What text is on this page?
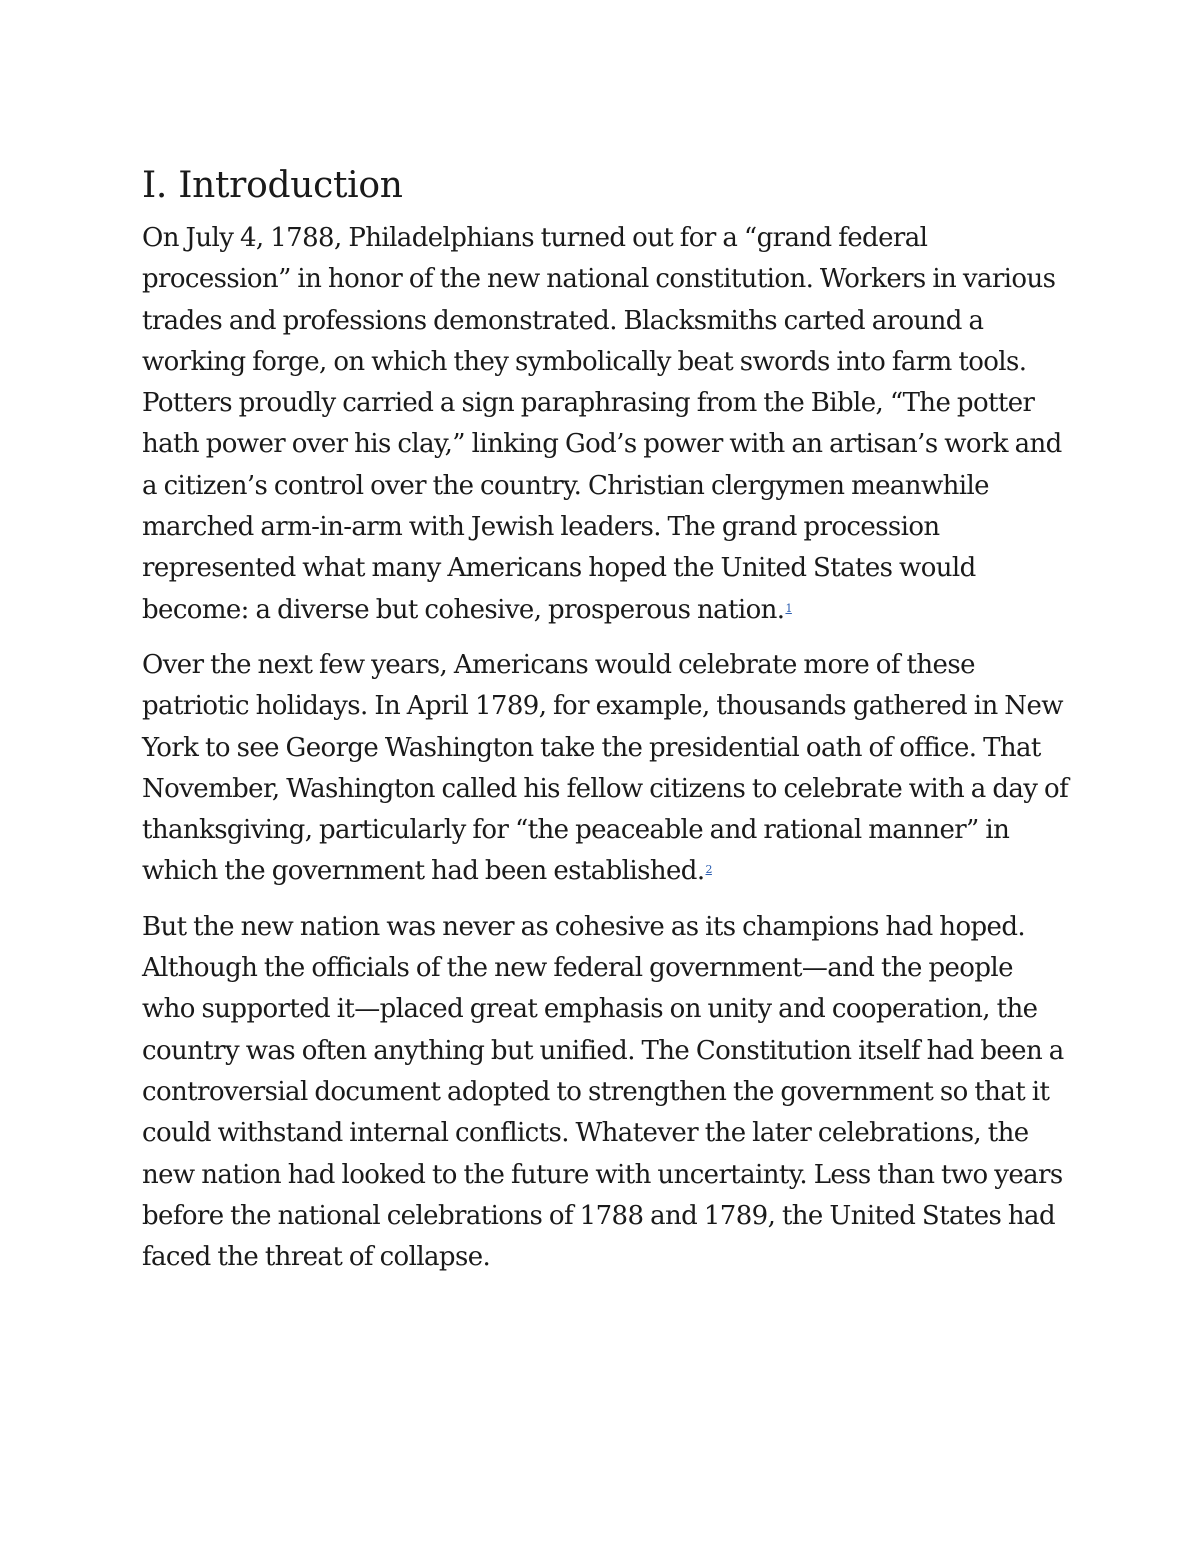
I. Introduction

On July 4, 1788, Philadelphians turned out for a “grand federal procession” in honor of the new national constitution. Workers in various trades and professions demonstrated. Blacksmiths carted around a working forge, on which they symbolically beat swords into farm tools. Potters proudly carried a sign paraphrasing from the Bible, “The potter hath power over his clay,” linking God’s power with an artisan’s work and a citizen’s control over the country. Christian clergymen meanwhile marched arm-in-arm with Jewish leaders. The grand procession represented what many Americans hoped the United States would become: a diverse but cohesive, prosperous nation.$^1$

Over the next few years, Americans would celebrate more of these patriotic holidays. In April 1789, for example, thousands gathered in New York to see George Washington take the presidential oath of office. That November, Washington called his fellow citizens to celebrate with a day of thanksgiving, particularly for “the peaceable and rational manner” in which the government had been established.$^2$

But the new nation was never as cohesive as its champions had hoped. Although the officials of the new federal government—and the people who supported it—placed great emphasis on unity and cooperation, the country was often anything but unified. The Constitution itself had been a controversial document adopted to strengthen the government so that it could withstand internal conflicts. Whatever the later celebrations, the new nation had looked to the future with uncertainty. Less than two years before the national celebrations of 1788 and 1789, the United States had faced the threat of collapse.
